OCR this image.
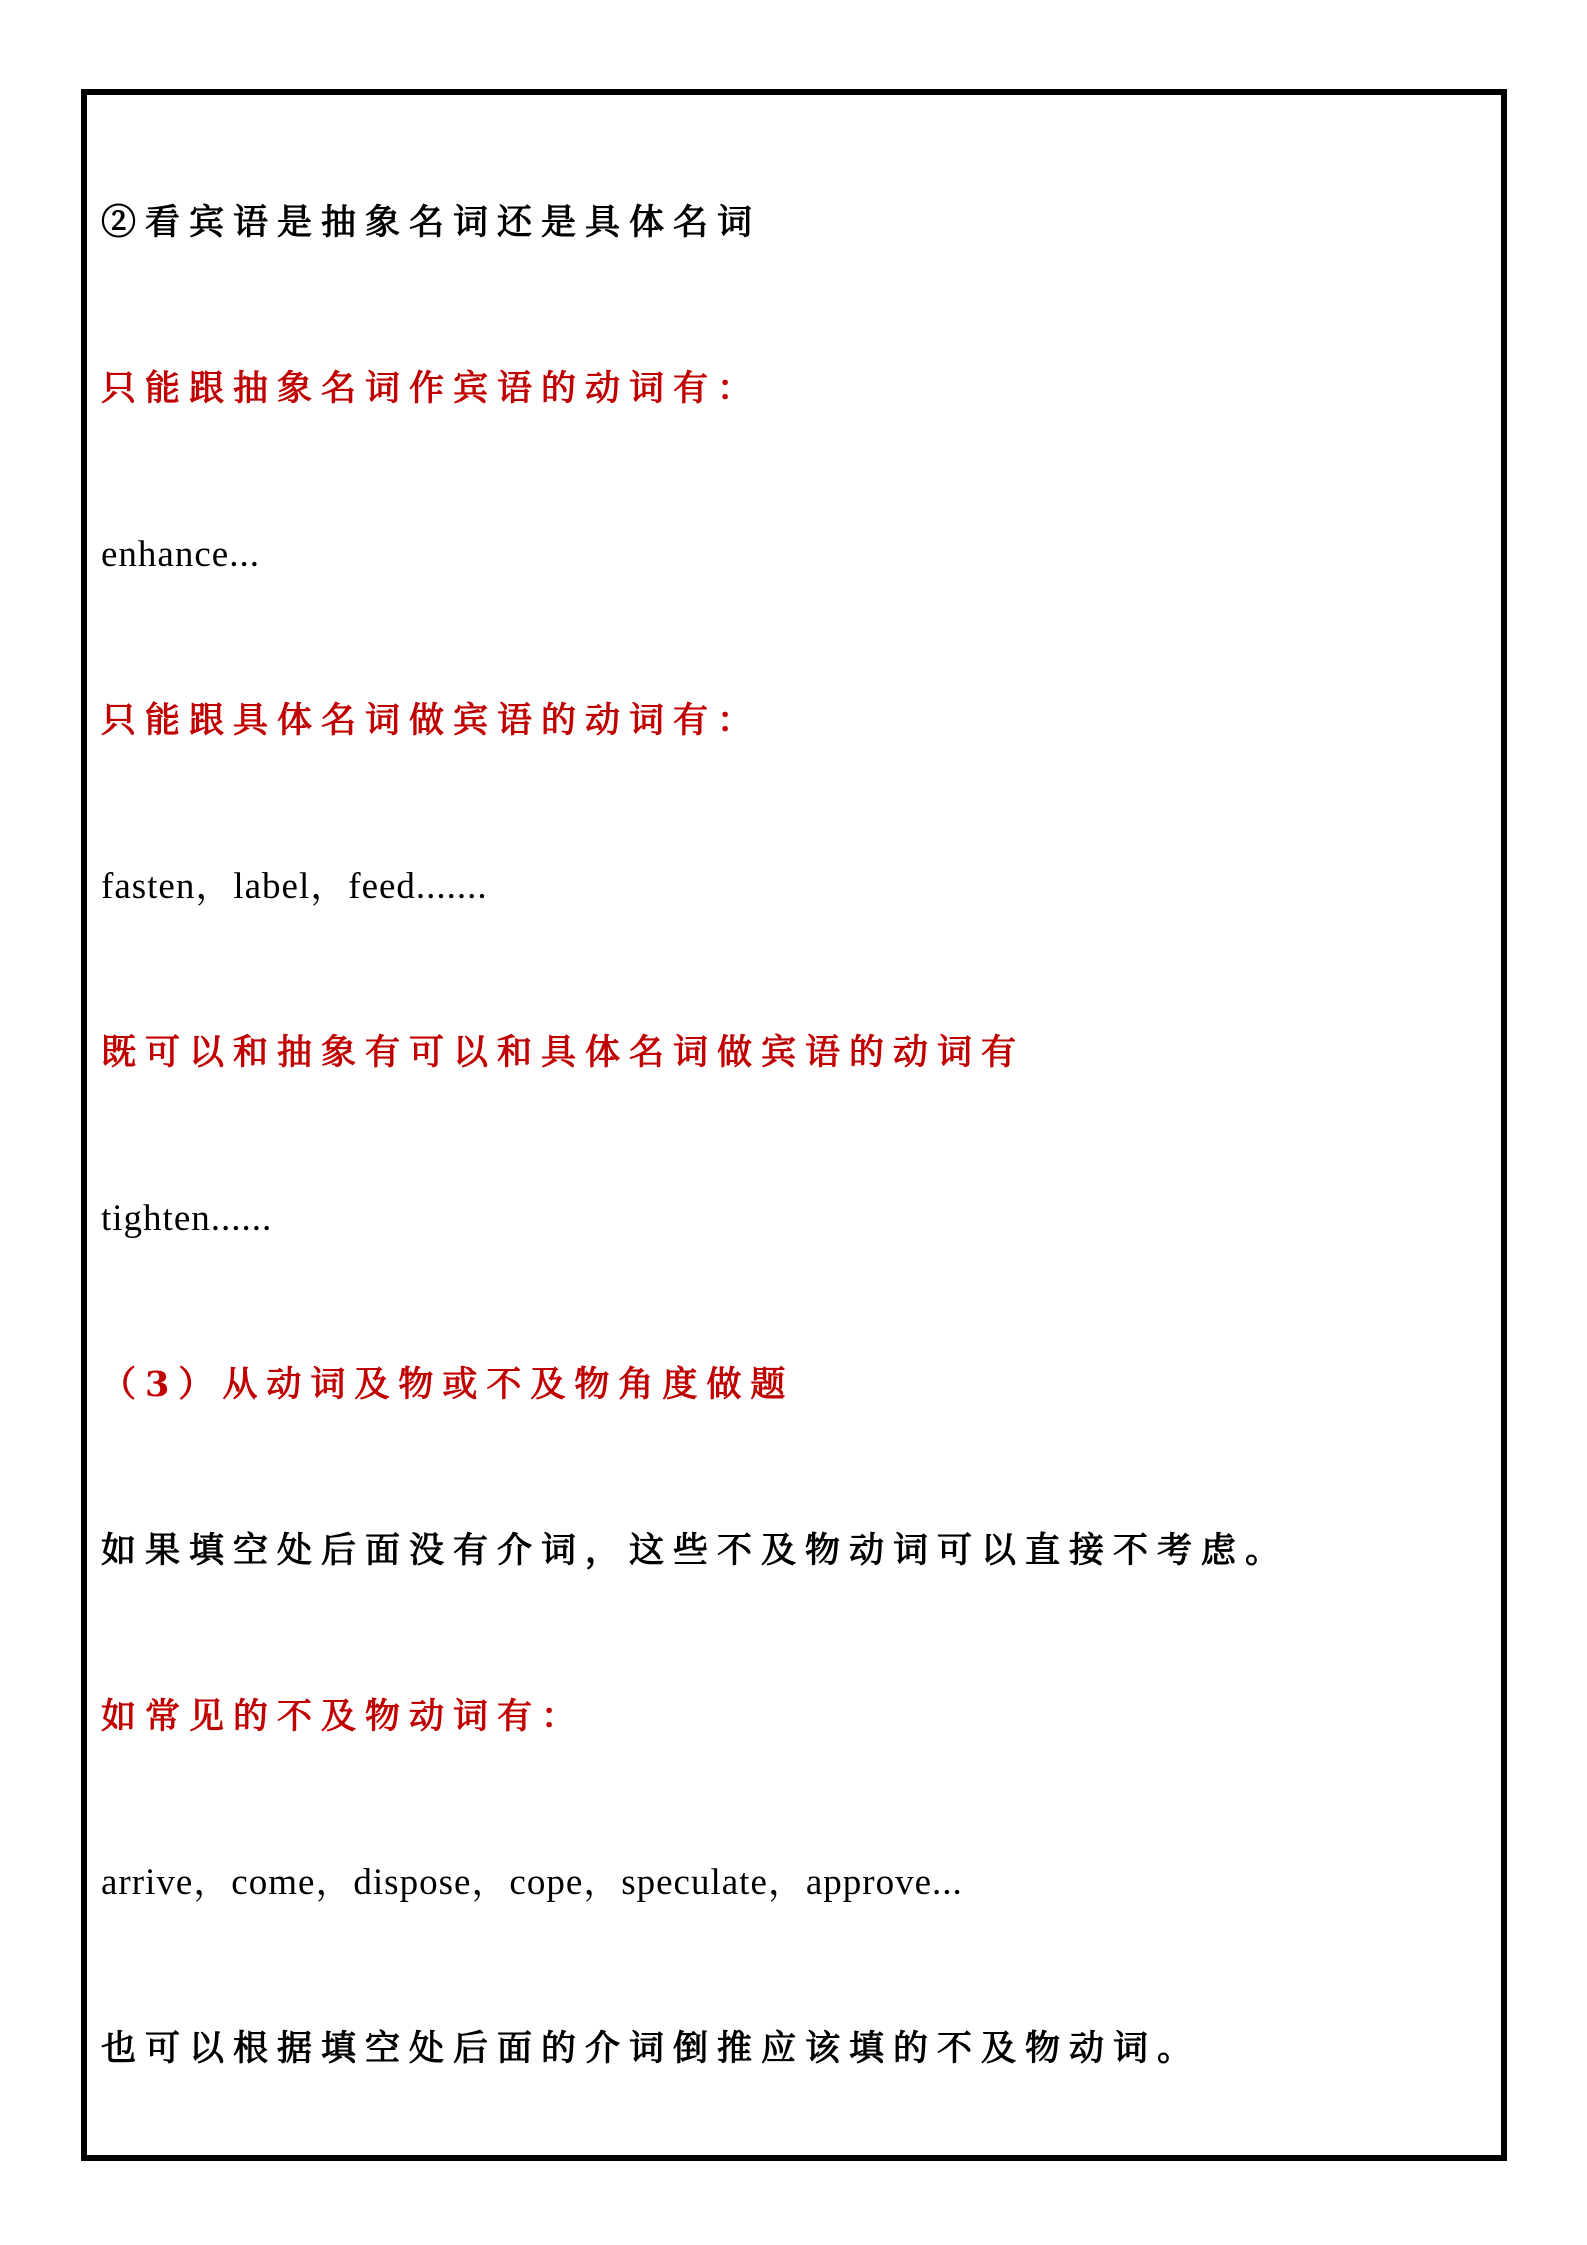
②看宾语是抽象名词还是具体名词
只能跟抽象名词作宾语的动词有：
enhance...
只能跟具体名词做宾语的动词有：
fasten，label，feed.......
既可以和抽象有可以和具体名词做宾语的动词有
tighten......
（3）从动词及物或不及物角度做题
如果填空处后面没有介词，这些不及物动词可以直接不考虑。
如常见的不及物动词有：
arrive，come，dispose，cope，speculate，approve...
也可以根据填空处后面的介词倒推应该填的不及物动词。
